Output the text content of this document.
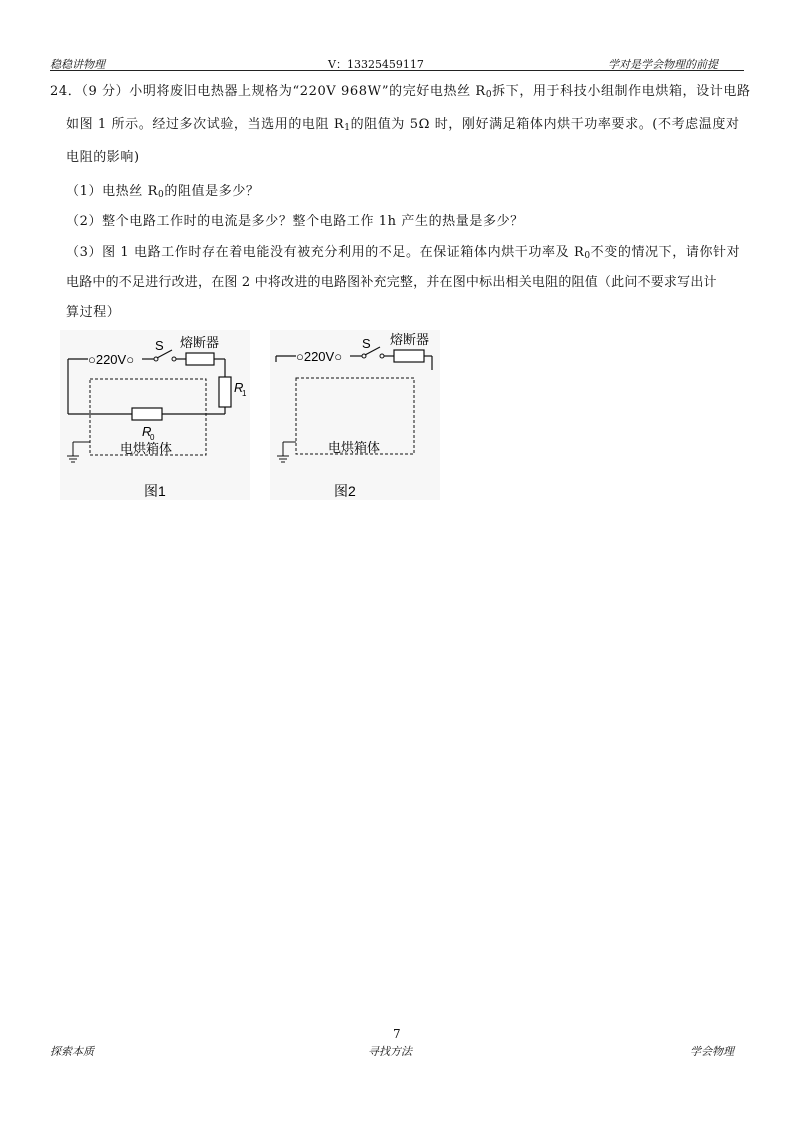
稳稳讲物理	V：13325459117	学对是学会物理的前提
24．（9 分）小明将废旧电热器上规格为“220V 968W”的完好电热丝 $R_0$拆下，用于科技小组制作电烘箱，设计电路
如图 1 所示。经过多次试验，当选用的电阻 $R_1$的阻值为 5Ω 时，刚好满足箱体内烘干功率要求。(不考虑温度对
电阻的影响)
（1）电热丝 $R_0$的阻值是多少？
（2）整个电路工作时的电流是多少？整个电路工作 1h 产生的热量是多少？
（3）图 1 电路工作时存在着电能没有被充分利用的不足。在保证箱体内烘干功率及 $R_0$不变的情况下，请你针对
电路中的不足进行改进，在图 2 中将改进的电路图补充完整，并在图中标出相关电阻的阻值（此问不要求写出计
算过程）
○220V○
S 熔断器
R
1
R
0
电烘箱体
图1
○220V○
S 熔断器
电烘箱体
图2
7
探索本质	寻找方法	学会物理
